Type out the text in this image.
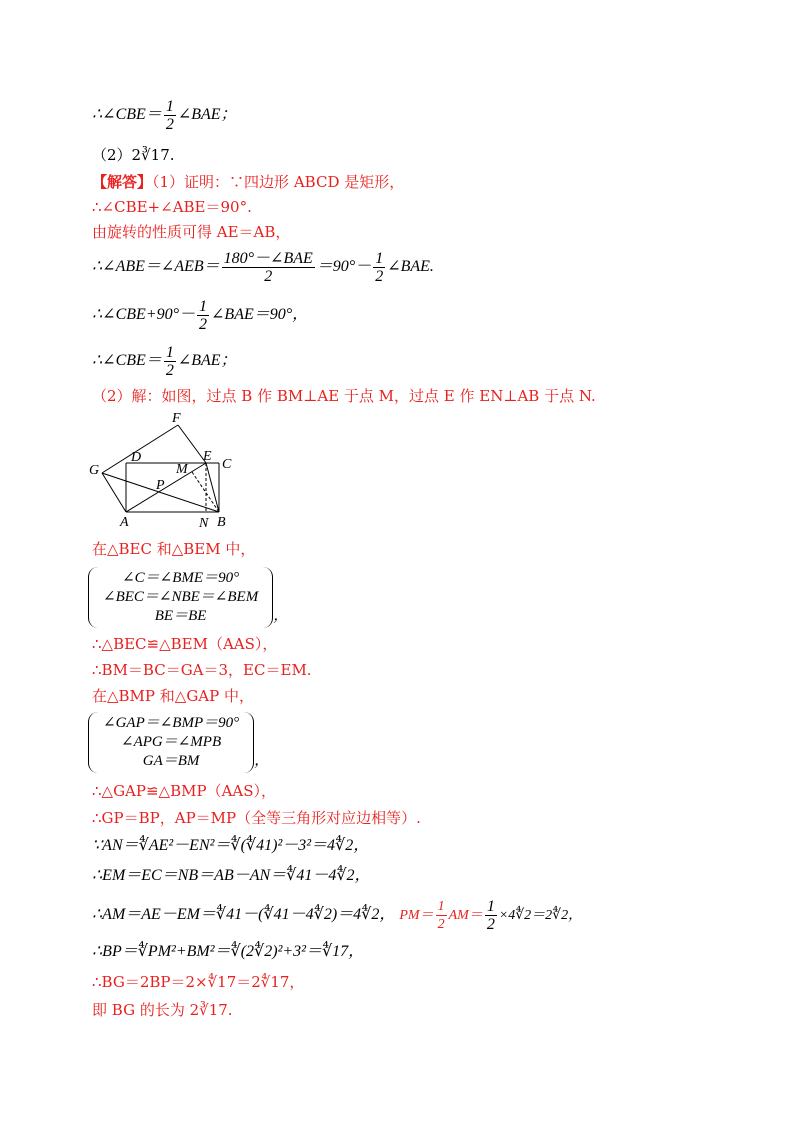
∴∠CBE＝ $\frac{1}{2}$ ∠BAE；
（2）2∛17.
【解答】（1）证明：∵四边形 ABCD 是矩形，
∴∠CBE+∠ABE＝90°.
由旋转的性质可得 AE＝AB，
∴∠ABE＝∠AEB＝ $\frac{\text{180°－∠BAE}}{2} =90^\circ- \frac{1}{2}$ ∠BAE.
∴∠CBE+90°－ $\frac{1}{2}$ ∠BAE＝90°，
∴∠CBE＝ $\frac{1}{2}$ ∠BAE；
（2）解：如图，过点 B 作 BM⊥AE 于点 M，过点 E 作 EN⊥AB 于点 N.
F
D
M
E
C
G
P
A	N B
在△BEC 和△BEM 中，
∠C＝∠BME＝90°
∠BEC＝∠NBE＝∠BEM
BE＝BE	，
∴△BEC≌△BEM（AAS），
∴BM＝BC＝GA＝3，EC＝EM.
在△BMP 和△GAP 中，
∠GAP＝∠BMP＝90°
∠APG＝∠MPB
GA＝BM	，
∴△GAP≌△BMP（AAS），
∴GP＝BP，AP＝MP（全等三角形对应边相等）.
∵AN＝∜AE²－EN²＝∜(∜41)²－3²＝4∜2，
∴EM＝EC＝NB＝AB－AN＝∜41－4∜2，
∴AM＝AE－EM＝∜41－(∜41－4∜2)＝4∜2， $PM= \frac{1}{2} AM= \frac{1}{2}$ ×4∜2＝2∜2，
∴BP＝∜PM²+BM²＝∜(2∜2)²+3²＝∜17，
∴BG＝2BP＝2×∜17＝2∜17，
即 BG 的长为 2∛17.
